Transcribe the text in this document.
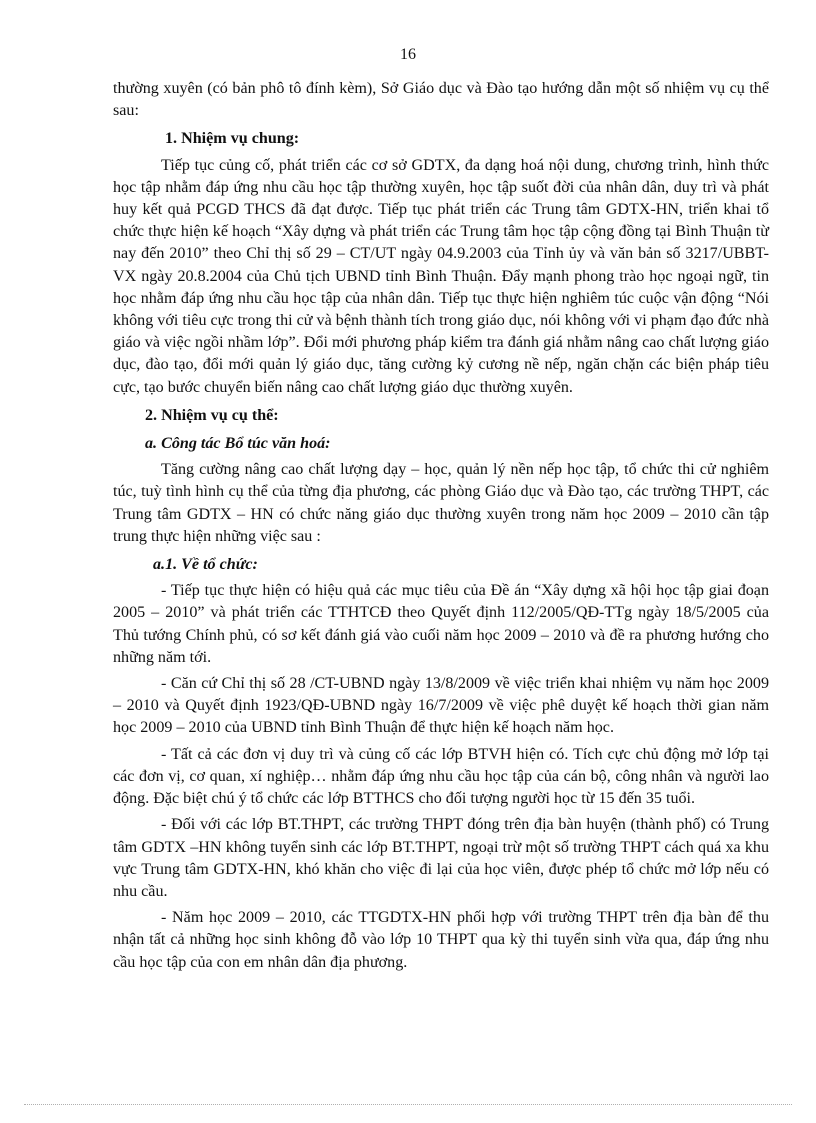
16

thường xuyên (có bản phô tô đính kèm), Sở Giáo dục và Đào tạo hướng dẫn một số nhiệm vụ cụ thể sau:

1. Nhiệm vụ chung:

Tiếp tục củng cố, phát triển các cơ sở GDTX, đa dạng hoá nội dung, chương trình, hình thức học tập nhằm đáp ứng nhu cầu học tập thường xuyên, học tập suốt đời của nhân dân, duy trì và phát huy kết quả PCGD THCS đã đạt được. Tiếp tục phát triển các Trung tâm GDTX-HN, triển khai tổ chức thực hiện kế hoạch “Xây dựng và phát triển các Trung tâm học tập cộng đồng tại Bình Thuận từ nay đến 2010” theo Chỉ thị số 29 – CT/UT ngày 04.9.2003 của Tỉnh ủy và văn bản số 3217/UBBT-VX ngày 20.8.2004 của Chủ tịch UBND tỉnh Bình Thuận. Đẩy mạnh phong trào học ngoại ngữ, tin học nhằm đáp ứng nhu cầu học tập của nhân dân. Tiếp tục thực hiện nghiêm túc cuộc vận động “Nói không với tiêu cực trong thi cử và bệnh thành tích trong giáo dục, nói không với vi phạm đạo đức nhà giáo và việc ngồi nhầm lớp”. Đổi mới phương pháp kiểm tra đánh giá nhằm nâng cao chất lượng giáo dục, đào tạo, đổi mới quản lý giáo dục, tăng cường kỷ cương nề nếp, ngăn chặn các biện pháp tiêu cực, tạo bước chuyển biến nâng cao chất lượng giáo dục thường xuyên.

2. Nhiệm vụ cụ thể:
a. Công tác Bổ túc văn hoá:

Tăng cường nâng cao chất lượng dạy – học, quản lý nền nếp học tập, tổ chức thi cử nghiêm túc, tuỳ tình hình cụ thể của từng địa phương, các phòng Giáo dục và Đào tạo, các trường THPT, các Trung tâm GDTX – HN có chức năng giáo dục thường xuyên trong năm học 2009 – 2010 cần tập trung thực hiện những việc sau :

a.1. Về tổ chức:

- Tiếp tục thực hiện có hiệu quả các mục tiêu của Đề án “Xây dựng xã hội học tập giai đoạn 2005 – 2010” và phát triển các TTHTCĐ theo Quyết định 112/2005/QĐ-TTg ngày 18/5/2005 của Thủ tướng Chính phủ, có sơ kết đánh giá vào cuối năm học 2009 – 2010 và đề ra phương hướng cho những năm tới.

- Căn cứ Chỉ thị số 28 /CT-UBND ngày 13/8/2009 về việc triển khai nhiệm vụ năm học 2009 – 2010 và Quyết định 1923/QĐ-UBND ngày 16/7/2009 về việc phê duyệt kế hoạch thời gian năm học 2009 – 2010 của UBND tỉnh Bình Thuận để thực hiện kế hoạch năm học.

- Tất cả các đơn vị duy trì và củng cố các lớp BTVH hiện có. Tích cực chủ động mở lớp tại các đơn vị, cơ quan, xí nghiệp… nhằm đáp ứng nhu cầu học tập của cán bộ, công nhân và người lao động. Đặc biệt chú ý tổ chức các lớp BTTHCS cho đối tượng người học từ 15 đến 35 tuổi.

- Đối với các lớp BT.THPT, các trường THPT đóng trên địa bàn huyện (thành phố) có Trung tâm GDTX –HN không tuyển sinh các lớp BT.THPT, ngoại trừ một số trường THPT cách quá xa khu vực Trung tâm GDTX-HN, khó khăn cho việc đi lại của học viên, được phép tổ chức mở lớp nếu có nhu cầu.

- Năm học 2009 – 2010, các TTGDTX-HN phối hợp với trường THPT trên địa bàn để thu nhận tất cả những học sinh không đỗ vào lớp 10 THPT qua kỳ thi tuyển sinh vừa qua, đáp ứng nhu cầu học tập của con em nhân dân địa phương.
